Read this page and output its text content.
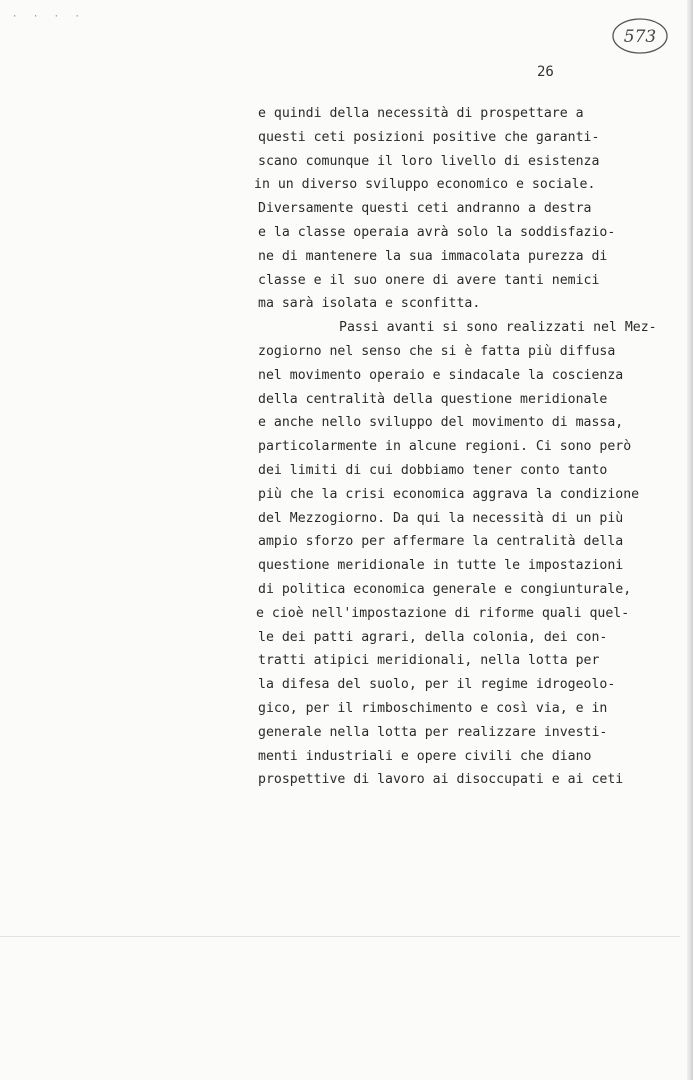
· · · ·
573
26
e quindi della necessità di prospettare a
questi ceti posizioni positive che garanti-
scano comunque il loro livello di esistenza
in un diverso sviluppo economico e sociale.
Diversamente questi ceti andranno a destra
e la classe operaia avrà solo la soddisfazio-
ne di mantenere la sua immacolata purezza di
classe e il suo onere di avere tanti nemici
ma sarà isolata e sconfitta.
Passi avanti si sono realizzati nel Mez-
zogiorno nel senso che si è fatta più diffusa
nel movimento operaio e sindacale la coscienza
della centralità della questione meridionale
e anche nello sviluppo del movimento di massa,
particolarmente in alcune regioni. Ci sono però
dei limiti di cui dobbiamo tener conto tanto
più che la crisi economica aggrava la condizione
del Mezzogiorno. Da qui la necessità di un più
ampio sforzo per affermare la centralità della
questione meridionale in tutte le impostazioni
di politica economica generale e congiunturale,
e cioè nell'impostazione di riforme quali quel-
le dei patti agrari, della colonia, dei con-
tratti atipici meridionali, nella lotta per
la difesa del suolo, per il regime idrogeolo-
gico, per il rimboschimento e così via, e in
generale nella lotta per realizzare investi-
menti industriali e opere civili che diano
prospettive di lavoro ai disoccupati e ai ceti
